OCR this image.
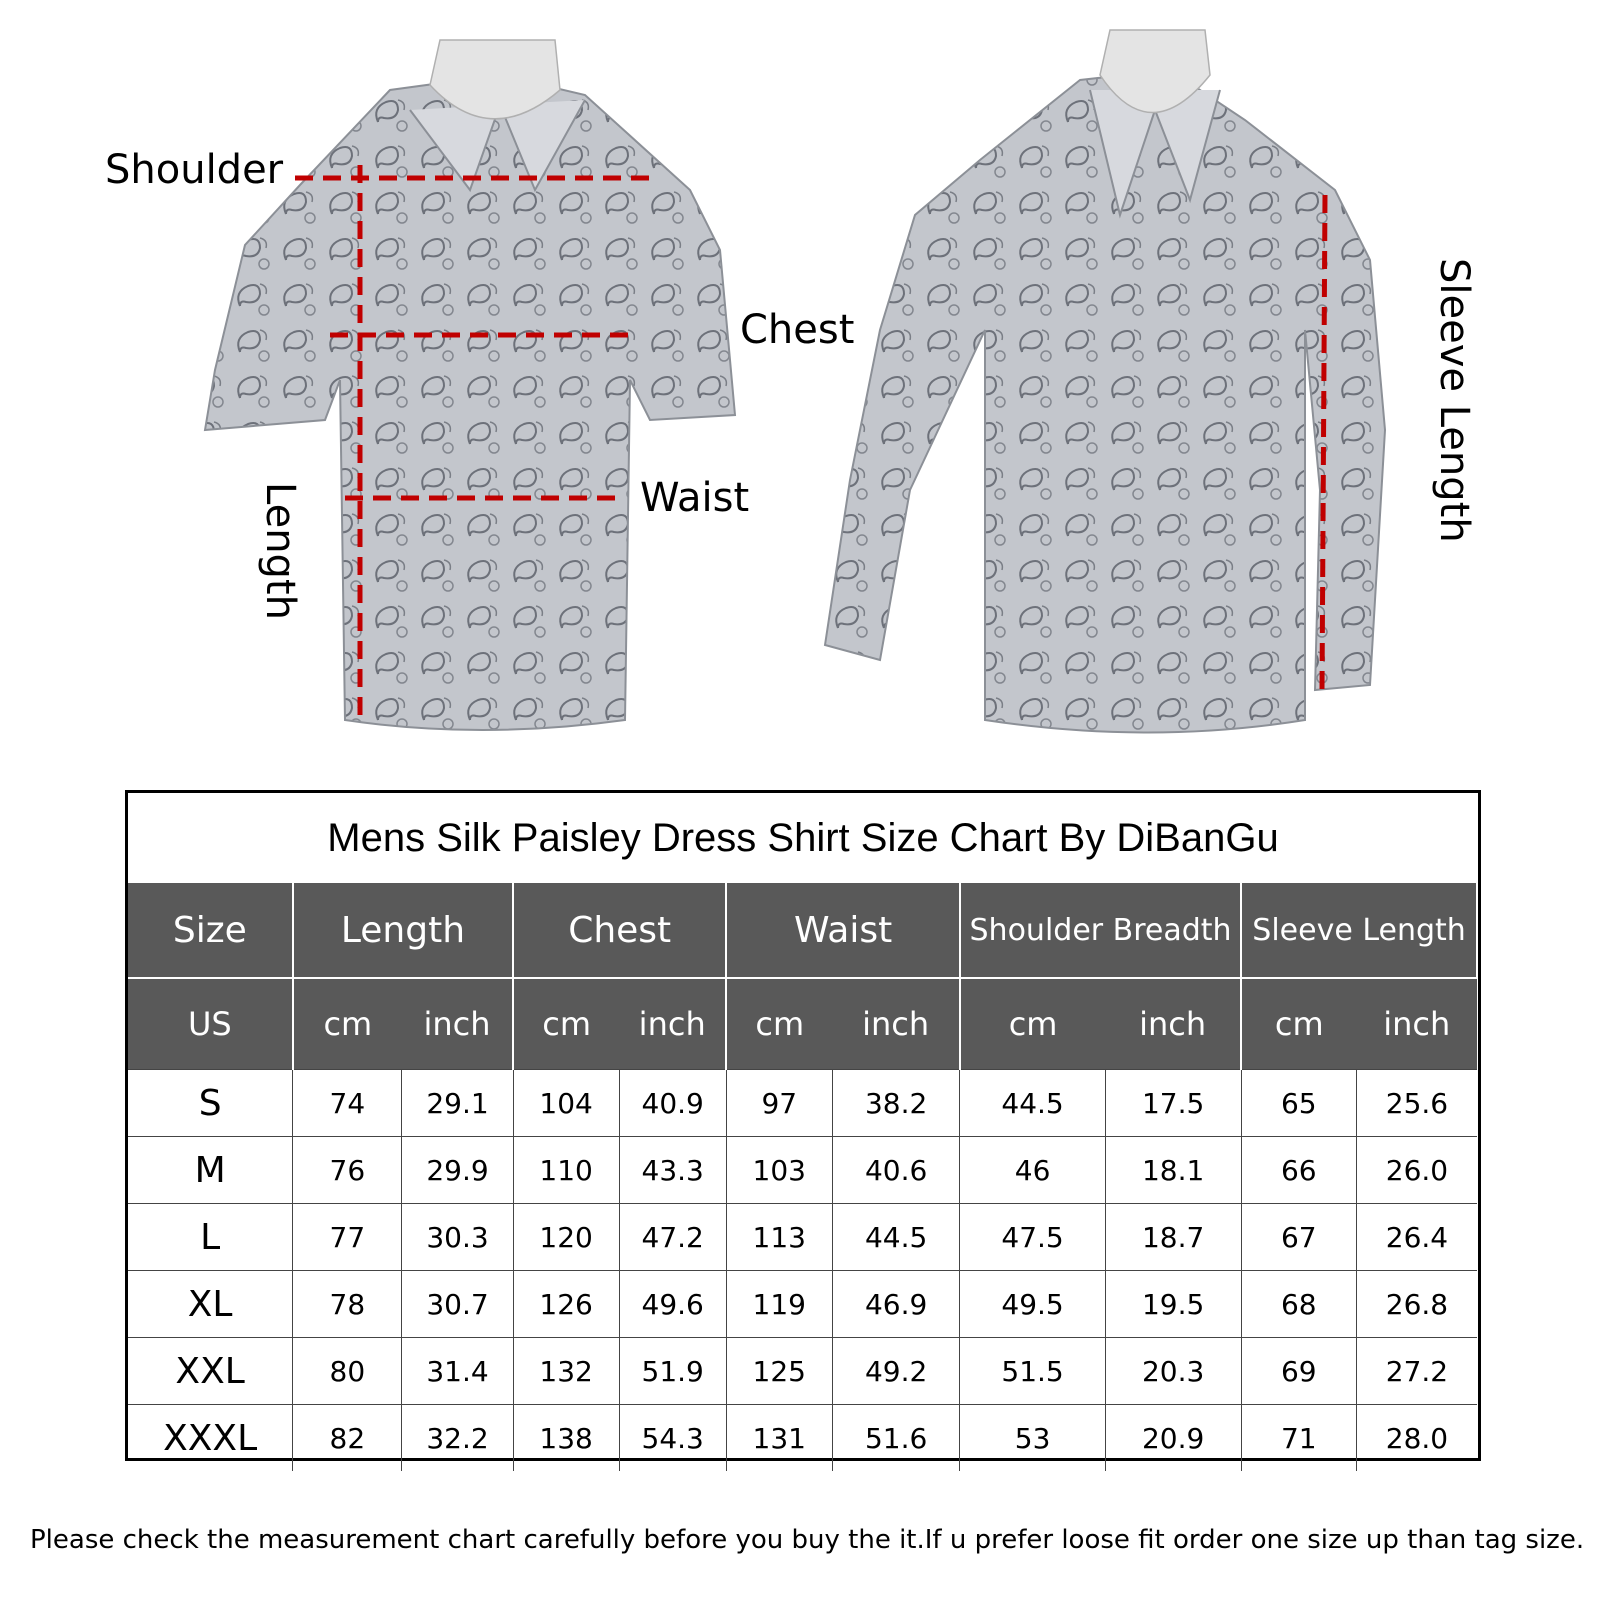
Shoulder
Chest
Waist
Length
Sleeve Length
Mens Silk Paisley Dress Shirt Size Chart By DiBanGu
Size	Length		Chest		Waist		Shoulder Breadth		Sleeve Length	
US	cm	inch	cm	inch	cm	inch	cm	inch	cm	inch
S	74	29.1	104	40.9	97	38.2	44.5	17.5	65	25.6
M	76	29.9	110	43.3	103	40.6	46	18.1	66	26.0
L	77	30.3	120	47.2	113	44.5	47.5	18.7	67	26.4
XL	78	30.7	126	49.6	119	46.9	49.5	19.5	68	26.8
XXL	80	31.4	132	51.9	125	49.2	51.5	20.3	69	27.2
XXXL	82	32.2	138	54.3	131	51.6	53	20.9	71	28.0
Please check the measurement chart carefully before you buy the it.If u prefer loose fit order one size up than tag size.
